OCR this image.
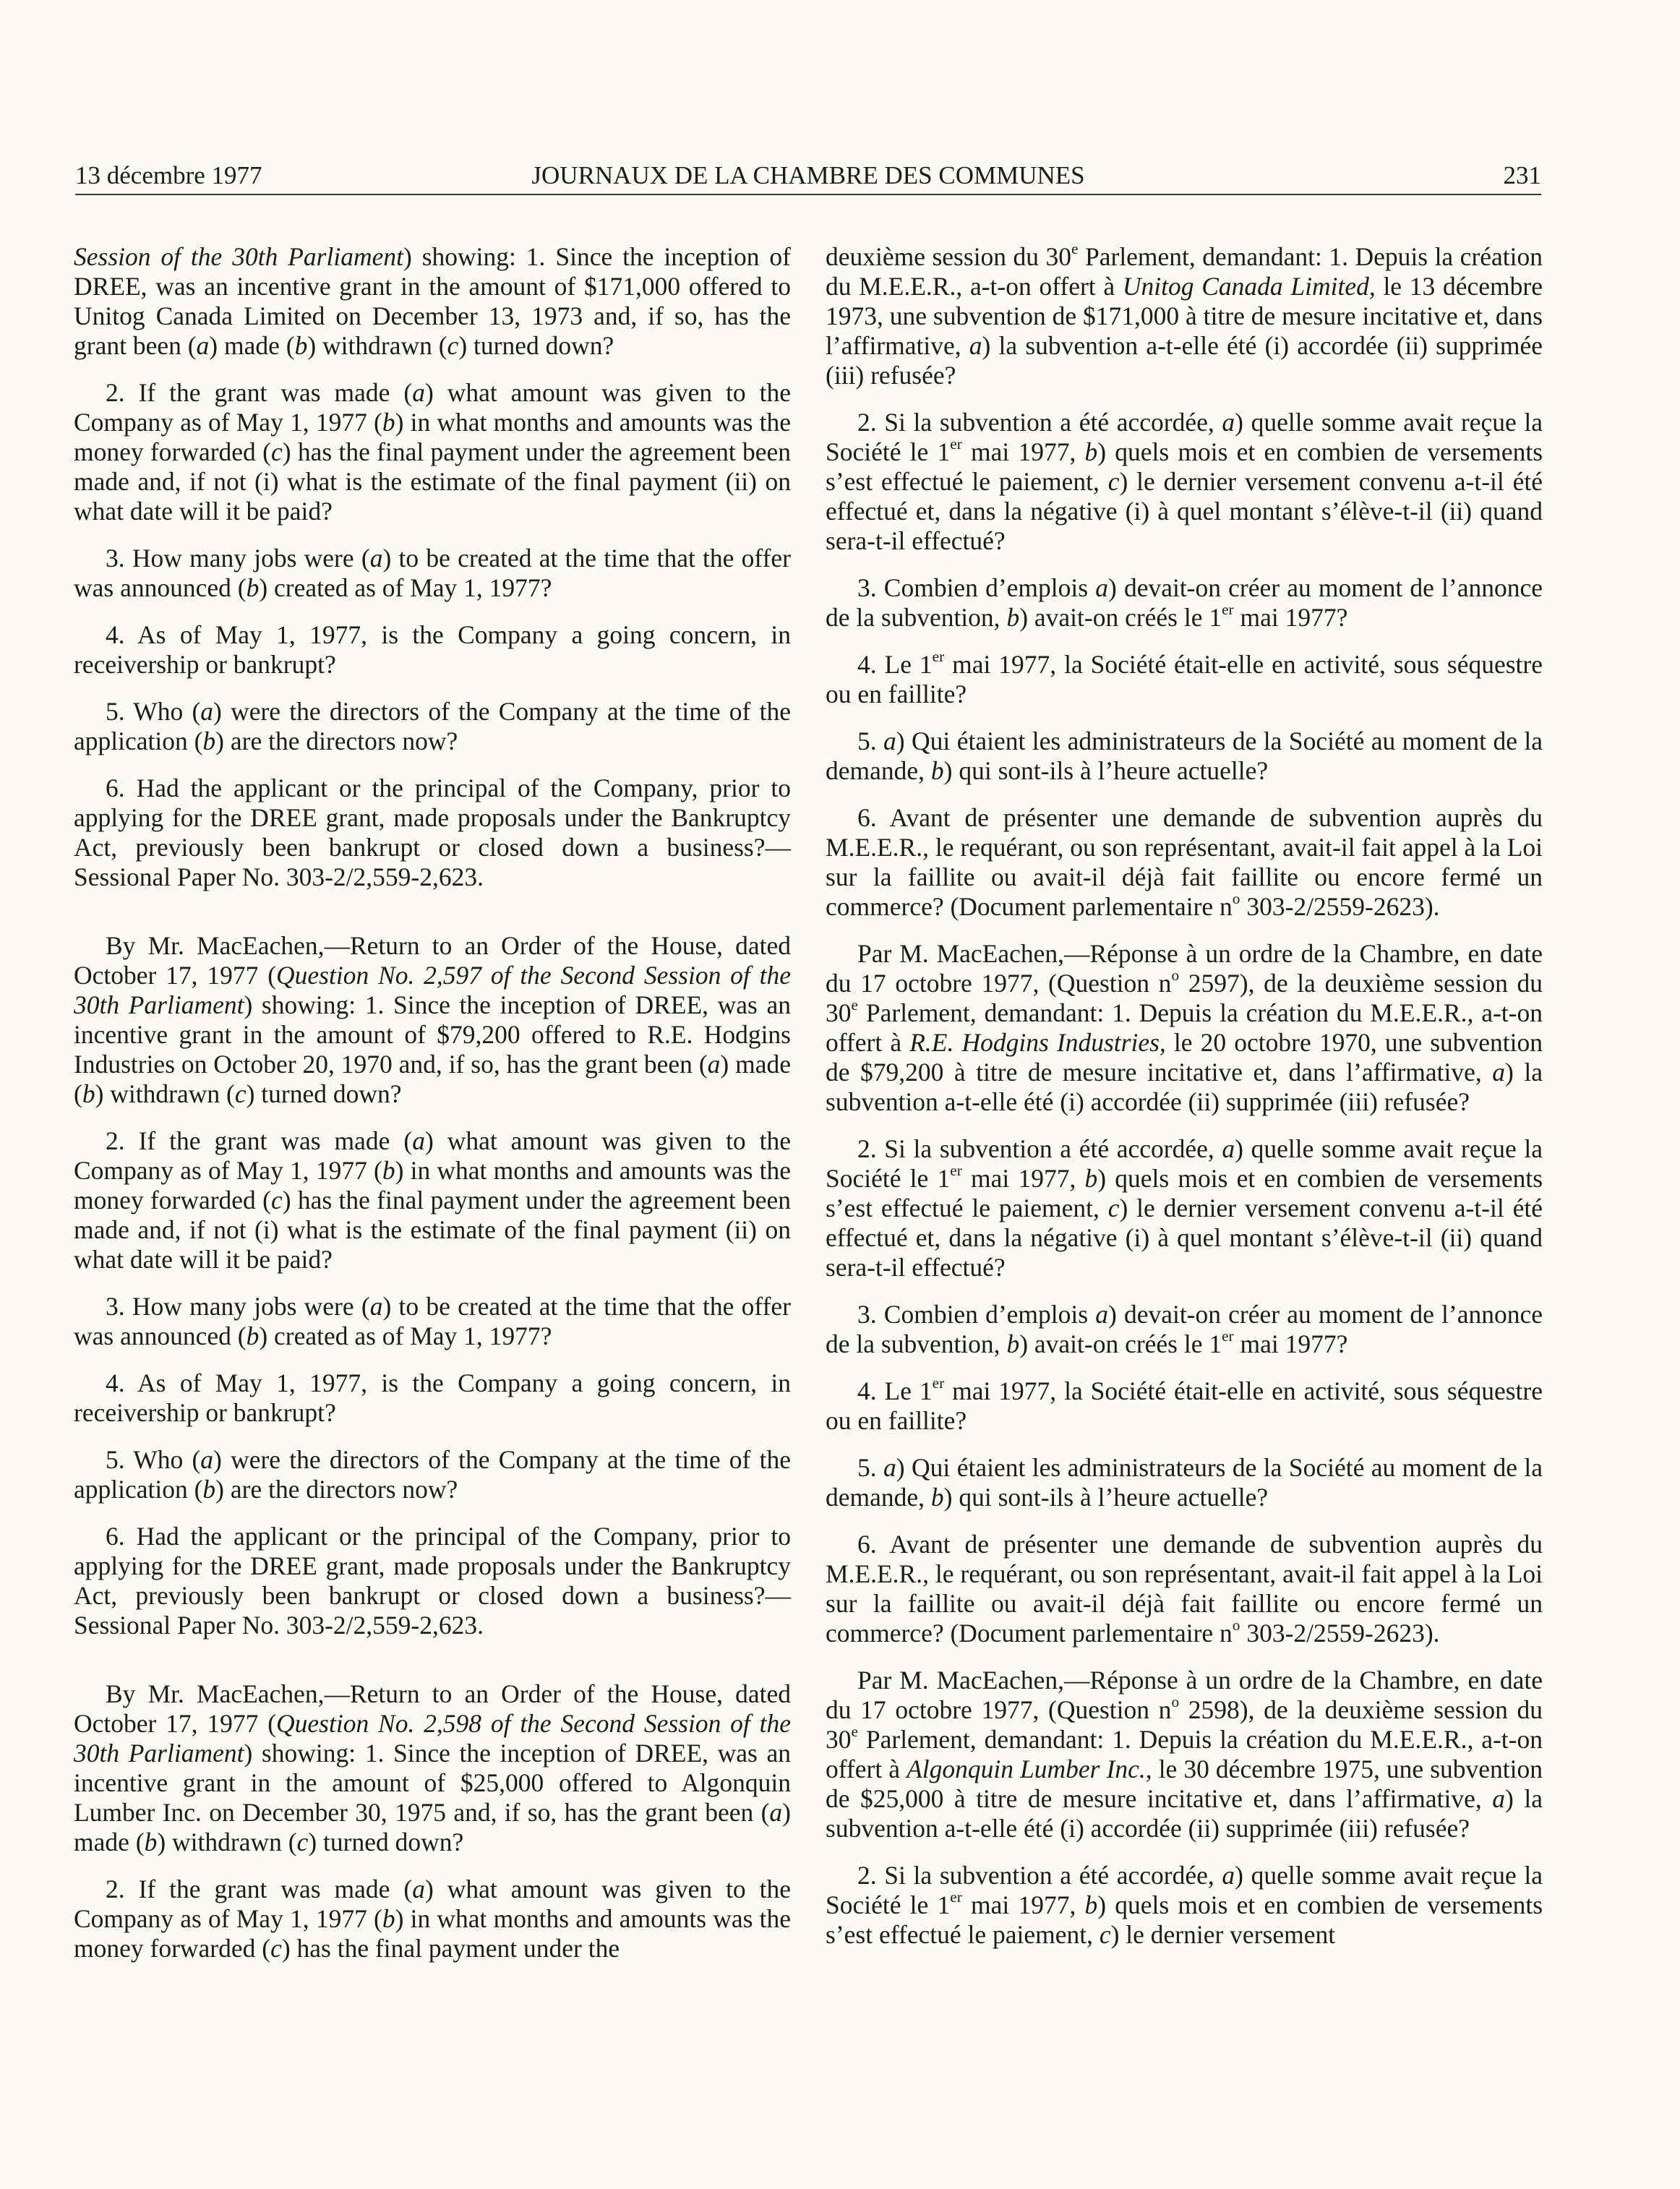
13 décembre 1977	JOURNAUX DE LA CHAMBRE DES COMMUNES	231

Session of the 30th Parliament) showing: 1. Since the inception of DREE, was an incentive grant in the amount of $171,000 offered to Unitog Canada Limited on December 13, 1973 and, if so, has the grant been (a) made (b) withdrawn (c) turned down?

2. If the grant was made (a) what amount was given to the Company as of May 1, 1977 (b) in what months and amounts was the money forwarded (c) has the final payment under the agreement been made and, if not (i) what is the estimate of the final payment (ii) on what date will it be paid?

3. How many jobs were (a) to be created at the time that the offer was announced (b) created as of May 1, 1977?

4. As of May 1, 1977, is the Company a going concern, in receivership or bankrupt?

5. Who (a) were the directors of the Company at the time of the application (b) are the directors now?

6. Had the applicant or the principal of the Company, prior to applying for the DREE grant, made proposals under the Bankruptcy Act, previously been bankrupt or closed down a business?—Sessional Paper No. 303-2/2,559-2,623.

By Mr. MacEachen,—Return to an Order of the House, dated October 17, 1977 (Question No. 2,597 of the Second Session of the 30th Parliament) showing: 1. Since the inception of DREE, was an incentive grant in the amount of $79,200 offered to R.E. Hodgins Industries on October 20, 1970 and, if so, has the grant been (a) made (b) withdrawn (c) turned down?

2. If the grant was made (a) what amount was given to the Company as of May 1, 1977 (b) in what months and amounts was the money forwarded (c) has the final payment under the agreement been made and, if not (i) what is the estimate of the final payment (ii) on what date will it be paid?

3. How many jobs were (a) to be created at the time that the offer was announced (b) created as of May 1, 1977?

4. As of May 1, 1977, is the Company a going concern, in receivership or bankrupt?

5. Who (a) were the directors of the Company at the time of the application (b) are the directors now?

6. Had the applicant or the principal of the Company, prior to applying for the DREE grant, made proposals under the Bankruptcy Act, previously been bankrupt or closed down a business?—Sessional Paper No. 303-2/2,559-2,623.

By Mr. MacEachen,—Return to an Order of the House, dated October 17, 1977 (Question No. 2,598 of the Second Session of the 30th Parliament) showing: 1. Since the inception of DREE, was an incentive grant in the amount of $25,000 offered to Algonquin Lumber Inc. on December 30, 1975 and, if so, has the grant been (a) made (b) withdrawn (c) turned down?

2. If the grant was made (a) what amount was given to the Company as of May 1, 1977 (b) in what months and amounts was the money forwarded (c) has the final payment under the

deuxième session du 30e Parlement, demandant: 1. Depuis la création du M.E.E.R., a-t-on offert à Unitog Canada Limited, le 13 décembre 1973, une subvention de $171,000 à titre de mesure incitative et, dans l’affirmative, a) la subvention a-t-elle été (i) accordée (ii) supprimée (iii) refusée?

2. Si la subvention a été accordée, a) quelle somme avait reçue la Société le 1er mai 1977, b) quels mois et en combien de versements s’est effectué le paiement, c) le dernier versement convenu a-t-il été effectué et, dans la négative (i) à quel montant s’élève-t-il (ii) quand sera-t-il effectué?

3. Combien d’emplois a) devait-on créer au moment de l’annonce de la subvention, b) avait-on créés le 1er mai 1977?

4. Le 1er mai 1977, la Société était-elle en activité, sous séquestre ou en faillite?

5. a) Qui étaient les administrateurs de la Société au moment de la demande, b) qui sont-ils à l’heure actuelle?

6. Avant de présenter une demande de subvention auprès du M.E.E.R., le requérant, ou son représentant, avait-il fait appel à la Loi sur la faillite ou avait-il déjà fait faillite ou encore fermé un commerce? (Document parlementaire $n^o$ 303-2/2559-2623).

Par M. MacEachen,—Réponse à un ordre de la Chambre, en date du 17 octobre 1977, (Question $n^o$ 2597), de la deuxième session du 30e Parlement, demandant: 1. Depuis la création du M.E.E.R., a-t-on offert à R.E. Hodgins Industries, le 20 octobre 1970, une subvention de $79,200 à titre de mesure incitative et, dans l’affirmative, a) la subvention a-t-elle été (i) accordée (ii) supprimée (iii) refusée?

2. Si la subvention a été accordée, a) quelle somme avait reçue la Société le 1er mai 1977, b) quels mois et en combien de versements s’est effectué le paiement, c) le dernier versement convenu a-t-il été effectué et, dans la négative (i) à quel montant s’élève-t-il (ii) quand sera-t-il effectué?

3. Combien d’emplois a) devait-on créer au moment de l’annonce de la subvention, b) avait-on créés le 1er mai 1977?

4. Le 1er mai 1977, la Société était-elle en activité, sous séquestre ou en faillite?

5. a) Qui étaient les administrateurs de la Société au moment de la demande, b) qui sont-ils à l’heure actuelle?

6. Avant de présenter une demande de subvention auprès du M.E.E.R., le requérant, ou son représentant, avait-il fait appel à la Loi sur la faillite ou avait-il déjà fait faillite ou encore fermé un commerce? (Document parlementaire $n^o$ 303-2/2559-2623).

Par M. MacEachen,—Réponse à un ordre de la Chambre, en date du 17 octobre 1977, (Question $n^o$ 2598), de la deuxième session du 30e Parlement, demandant: 1. Depuis la création du M.E.E.R., a-t-on offert à Algonquin Lumber Inc., le 30 décembre 1975, une subvention de $25,000 à titre de mesure incitative et, dans l’affirmative, a) la subvention a-t-elle été (i) accordée (ii) supprimée (iii) refusée?

2. Si la subvention a été accordée, a) quelle somme avait reçue la Société le 1er mai 1977, b) quels mois et en combien de versements s’est effectué le paiement, c) le dernier versement
